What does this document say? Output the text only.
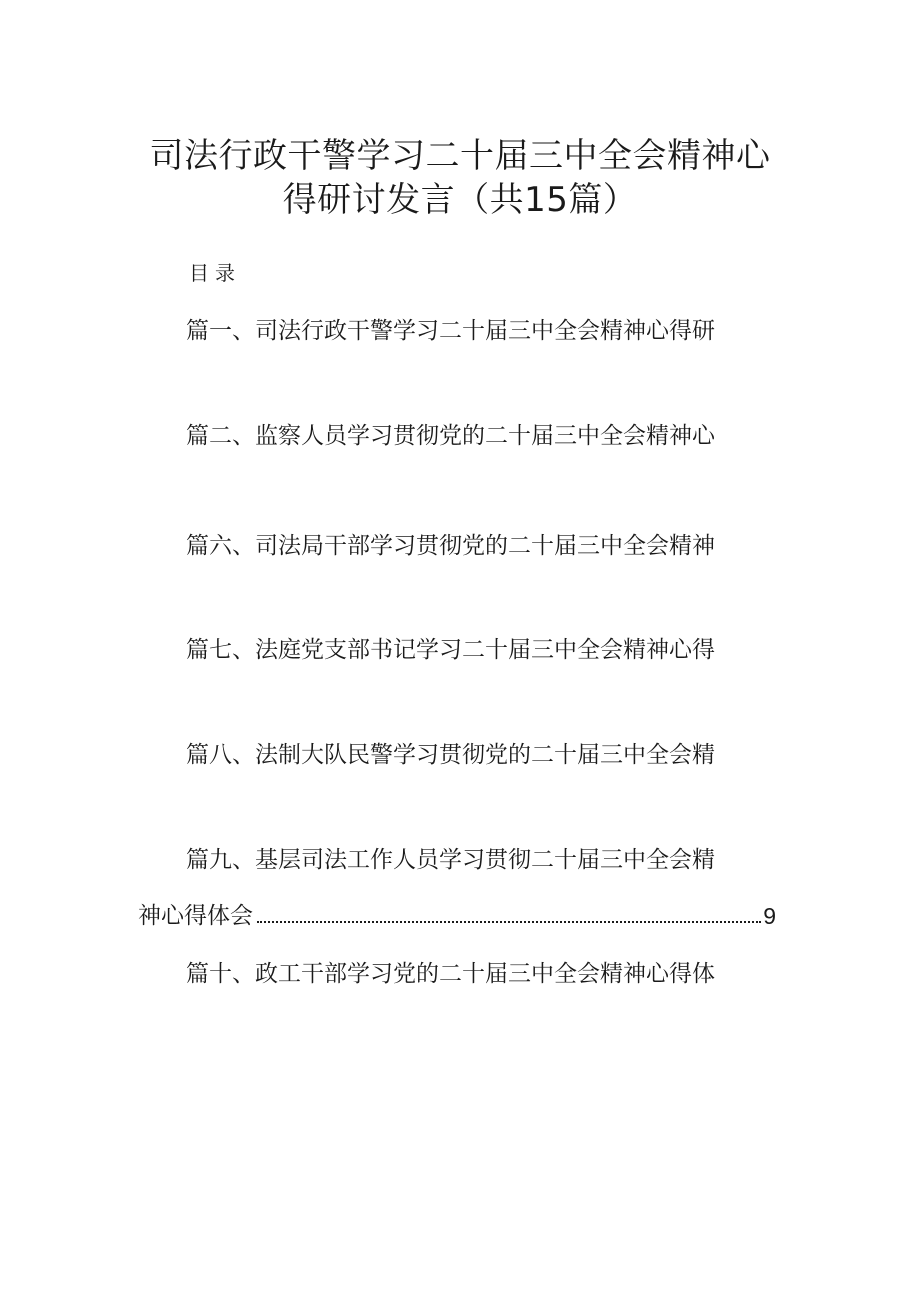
司法行政干警学习二十届三中全会精神心
得研讨发言（共15篇）
目录
篇一、司法行政干警学习二十届三中全会精神心得研
篇二、监察人员学习贯彻党的二十届三中全会精神心
篇六、司法局干部学习贯彻党的二十届三中全会精神
篇七、法庭党支部书记学习二十届三中全会精神心得
篇八、法制大队民警学习贯彻党的二十届三中全会精
篇九、基层司法工作人员学习贯彻二十届三中全会精
神心得体会	9
篇十、政工干部学习党的二十届三中全会精神心得体
